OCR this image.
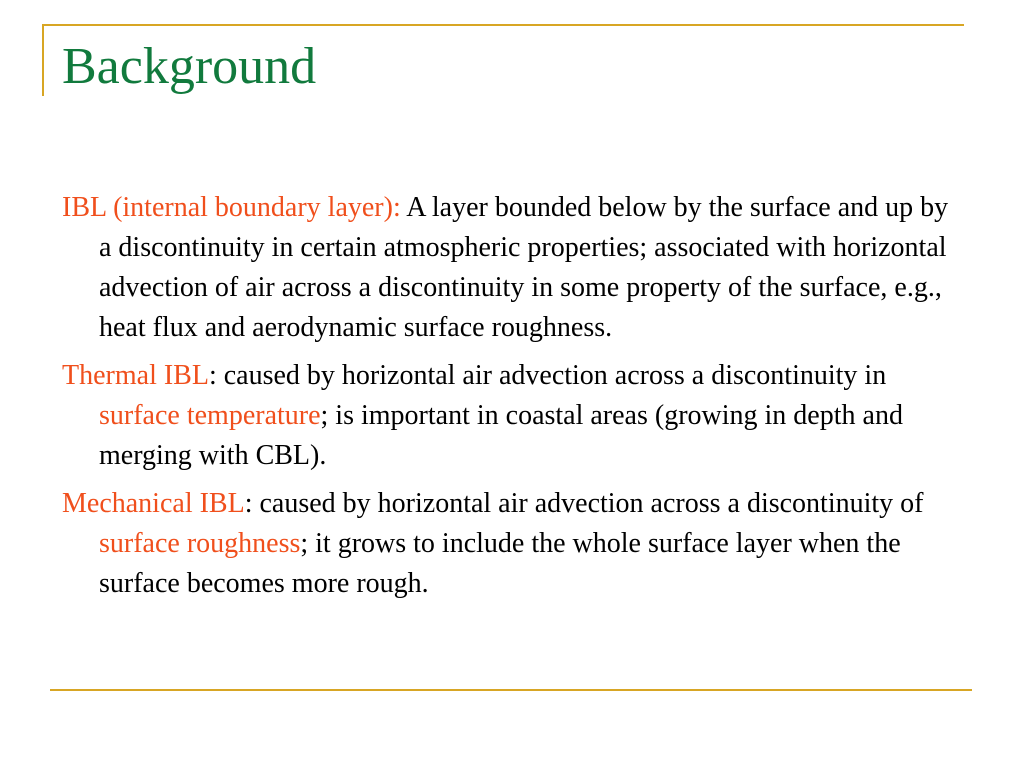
Background

IBL (internal boundary layer): A layer bounded below by the surface and up by a discontinuity in certain atmospheric properties; associated with horizontal advection of air across a discontinuity in some property of the surface, e.g., heat flux and aerodynamic surface roughness.

Thermal IBL: caused by horizontal air advection across a discontinuity in surface temperature; is important in coastal areas (growing in depth and merging with CBL).

Mechanical IBL: caused by horizontal air advection across a discontinuity of surface roughness; it grows to include the whole surface layer when the surface becomes more rough.
